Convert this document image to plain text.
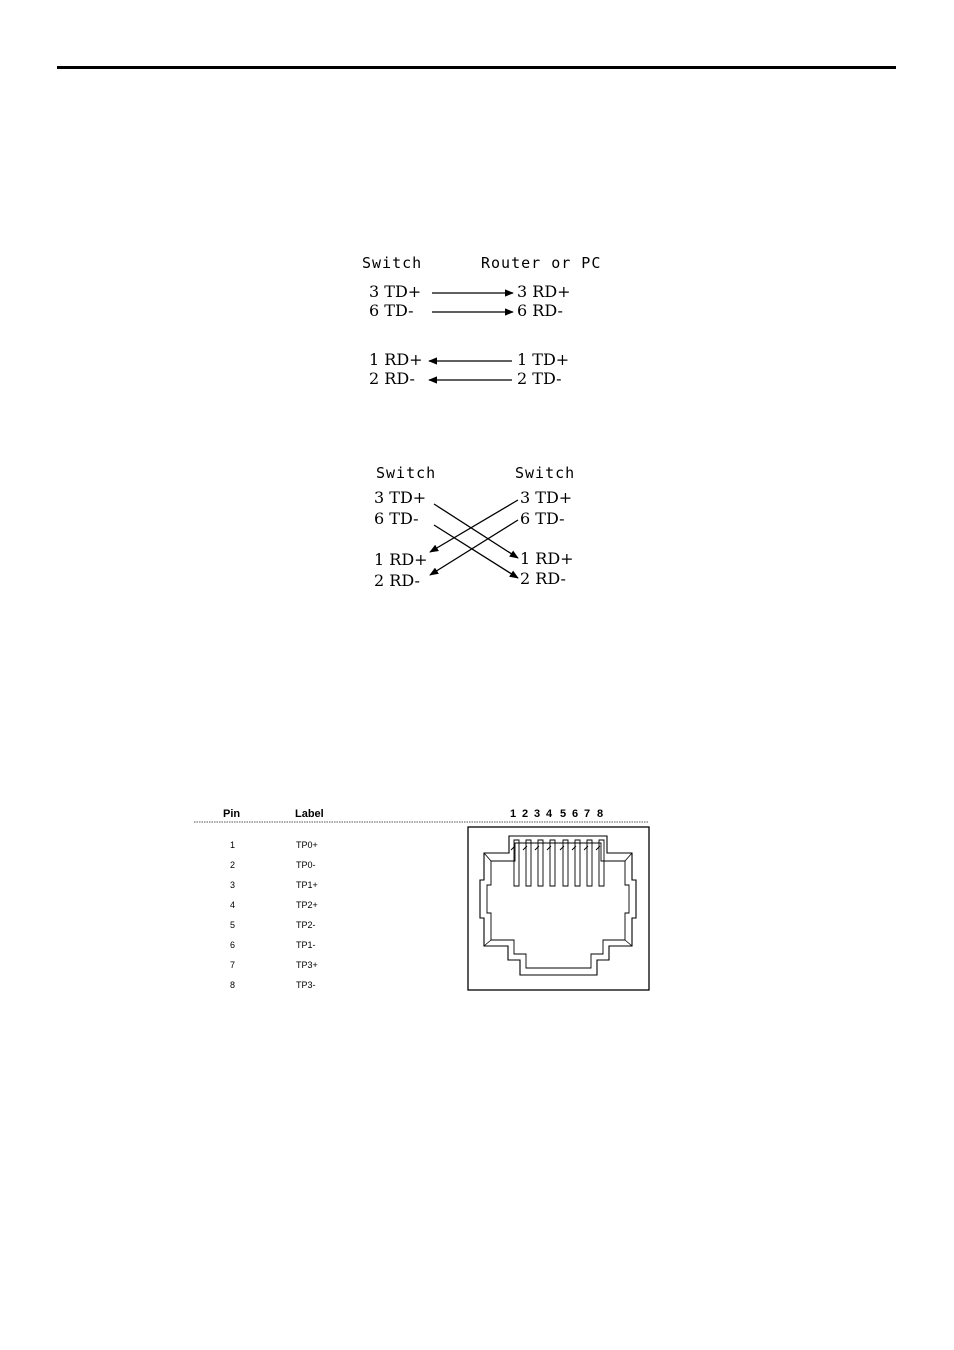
Switch	Router or PC
3 TD+	3 RD+
6 TD-	6 RD-
1 RD+	1 TD+
2 RD-	2 TD-
Switch	Switch
3 TD+
6 TD-
1 RD+
2 RD-
3 TD+
6 TD-
1 RD+
2 RD-
Pin	Label
1	TP0+
2	TP0-
3	TP1+
4	TP2+
5	TP2-
6	TP1-
7	TP3+
8	TP3-
1 2 3 4 5 6 7 8
